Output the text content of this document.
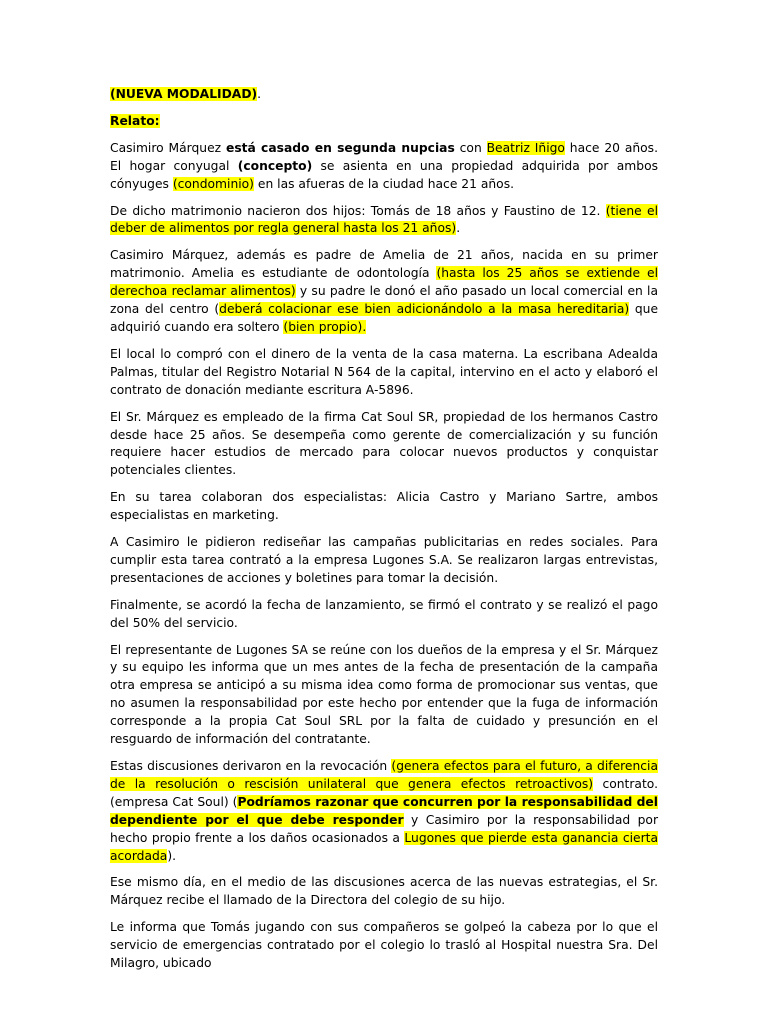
(NUEVA MODALIDAD).

Relato:

Casimiro Márquez está casado en segunda nupcias con Beatriz Iñigo hace 20 años. El hogar conyugal (concepto) se asienta en una propiedad adquirida por ambos cónyuges (condominio) en las afueras de la ciudad hace 21 años.

De dicho matrimonio nacieron dos hijos: Tomás de 18 años y Faustino de 12. (tiene el deber de alimentos por regla general hasta los 21 años).

Casimiro Márquez, además es padre de Amelia de 21 años, nacida en su primer matrimonio. Amelia es estudiante de odontología (hasta los 25 años se extiende el derechoa reclamar alimentos) y su padre le donó el año pasado un local comercial en la zona del centro (deberá colacionar ese bien adicionándolo a la masa hereditaria) que adquirió cuando era soltero (bien propio).

El local lo compró con el dinero de la venta de la casa materna. La escribana Adealda Palmas, titular del Registro Notarial N 564 de la capital, intervino en el acto y elaboró el contrato de donación mediante escritura A-5896.

El Sr. Márquez es empleado de la firma Cat Soul SR, propiedad de los hermanos Castro desde hace 25 años. Se desempeña como gerente de comercialización y su función requiere hacer estudios de mercado para colocar nuevos productos y conquistar potenciales clientes.

En su tarea colaboran dos especialistas: Alicia Castro y Mariano Sartre, ambos especialistas en marketing.

A Casimiro le pidieron rediseñar las campañas publicitarias en redes sociales. Para cumplir esta tarea contrató a la empresa Lugones S.A. Se realizaron largas entrevistas, presentaciones de acciones y boletines para tomar la decisión.

Finalmente, se acordó la fecha de lanzamiento, se firmó el contrato y se realizó el pago del 50% del servicio.

El representante de Lugones SA se reúne con los dueños de la empresa y el Sr. Márquez y su equipo les informa que un mes antes de la fecha de presentación de la campaña otra empresa se anticipó a su misma idea como forma de promocionar sus ventas, que no asumen la responsabilidad por este hecho por entender que la fuga de información corresponde a la propia Cat Soul SRL por la falta de cuidado y presunción en el resguardo de información del contratante.

Estas discusiones derivaron en la revocación (genera efectos para el futuro, a diferencia de la resolución o rescisión unilateral que genera efectos retroactivos) contrato. (empresa Cat Soul) (Podríamos razonar que concurren por la responsabilidad del dependiente por el que debe responder y Casimiro por la responsabilidad por hecho propio frente a los daños ocasionados a Lugones que pierde esta ganancia cierta acordada).

Ese mismo día, en el medio de las discusiones acerca de las nuevas estrategias, el Sr. Márquez recibe el llamado de la Directora del colegio de su hijo.

Le informa que Tomás jugando con sus compañeros se golpeó la cabeza por lo que el servicio de emergencias contratado por el colegio lo trasló al Hospital nuestra Sra. Del Milagro, ubicado
